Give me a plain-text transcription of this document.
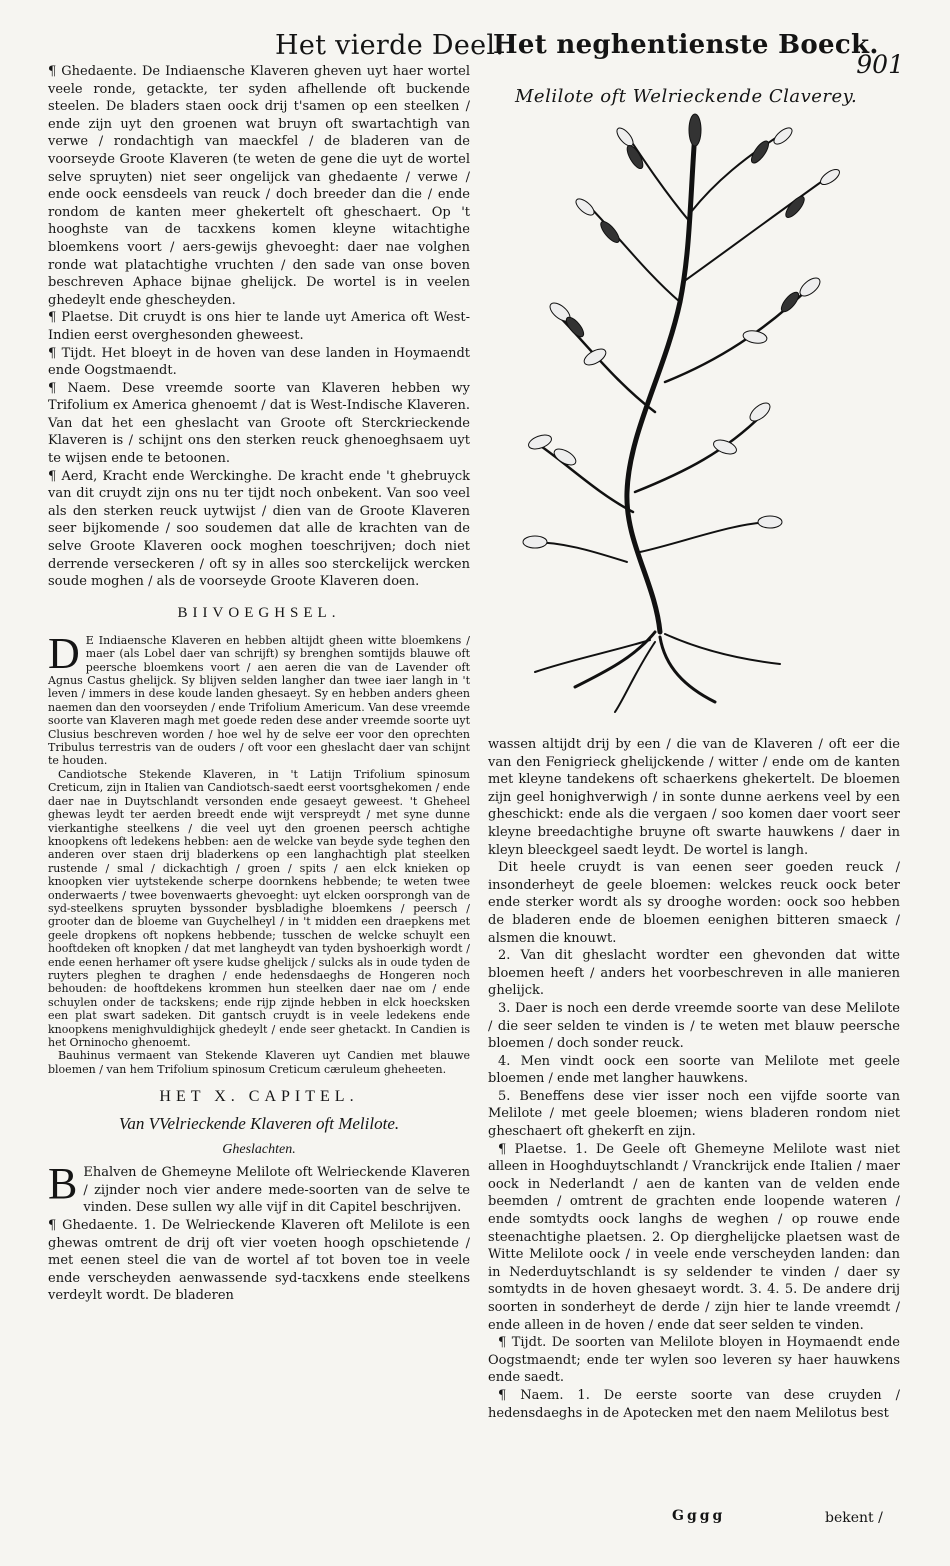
Het vierde Deel.
Het neghentienste Boeck.
901

¶ Ghedaente. De Indiaensche Klaveren gheven uyt haer wortel veele ronde, getackte, ter syden afhellende oft buckende steelen. De bladers staen oock drij t'samen op een steelken / ende zijn uyt den groenen wat bruyn oft swartachtigh van verwe / rondachtigh van maeckfel / de bladeren van de voorseyde Groote Klaveren (te weten de gene die uyt de wortel selve spruyten) niet seer ongelijck van ghedaente / verwe / ende oock eensdeels van reuck / doch breeder dan die / ende rondom de kanten meer ghekertelt oft gheschaert. Op 't hooghste van de tacxkens komen kleyne witachtighe bloemkens voort / aers-gewijs ghevoeght: daer nae volghen ronde wat platachtighe vruchten / den sade van onse boven beschreven Aphace bijnae ghelijck. De wortel is in veelen ghedeylt ende ghescheyden.

¶ Plaetse. Dit cruydt is ons hier te lande uyt America oft West-Indien eerst overghesonden gheweest.

¶ Tijdt. Het bloeyt in de hoven van dese landen in Hoymaendt ende Oogstmaendt.

¶ Naem. Dese vreemde soorte van Klaveren hebben wy Trifolium ex America ghenoemt / dat is West-Indische Klaveren. Van dat het een gheslacht van Groote oft Sterckrieckende Klaveren is / schijnt ons den sterken reuck ghenoeghsaem uyt te wijsen ende te betoonen.

¶ Aerd, Kracht ende Werckinghe. De kracht ende 't ghebruyck van dit cruydt zijn ons nu ter tijdt noch onbekent. Van soo veel als den sterken reuck uytwijst / dien van de Groote Klaveren seer bijkomende / soo soudemen dat alle de krachten van de selve Groote Klaveren oock moghen toeschrijven; doch niet derrende verseckeren / oft sy in alles soo sterckelijck wercken soude moghen / als de voorseyde Groote Klaveren doen.

BIIVOEGHSEL.

D E Indiaensche Klaveren en hebben altijdt gheen witte bloemkens / maer (als Lobel daer van schrijft) sy brenghen somtijds blauwe oft peersche bloemkens voort / aen aeren die van de Lavender oft Agnus Castus ghelijck. Sy blijven selden langher dan twee iaer langh in 't leven / immers in dese koude landen ghesaeyt. Sy en hebben anders gheen naemen dan den voorseyden / ende Trifolium Americum. Van dese vreemde soorte van Klaveren magh met goede reden dese ander vreemde soorte uyt Clusius beschreven worden / hoe wel hy de selve eer voor den oprechten Tribulus terrestris van de ouders / oft voor een gheslacht daer van schijnt te houden.

Candiotsche Stekende Klaveren, in 't Latijn Trifolium spinosum Creticum, zijn in Italien van Candiotsch-saedt eerst voortsghekomen / ende daer nae in Duytschlandt versonden ende gesaeyt geweest. 't Gheheel ghewas leydt ter aerden breedt ende wijt verspreydt / met syne dunne vierkantighe steelkens / die veel uyt den groenen peersch achtighe knoopkens oft ledekens hebben: aen de welcke van beyde syde teghen den anderen over staen drij bladerkens op een langhachtigh plat steelken rustende / smal / dickachtigh / groen / spits / aen elck knieken op knoopken vier uytstekende scherpe doornkens hebbende; te weten twee onderwaerts / twee bovenwaerts ghevoeght: uyt elcken oorsprongh van de syd-steelkens spruyten byssonder bysbladighe bloemkens / peersch / grooter dan de bloeme van Guychelheyl / in 't midden een draepkens met geele dropkens oft nopkens hebbende; tusschen de welcke schuylt een hooftdeken oft knopken / dat met langheydt van tyden byshoerkigh wordt / ende eenen herhamer oft ysere kudse ghelijck / sulcks als in oude tyden de ruyters pleghen te draghen / ende hedensdaeghs de Hongeren noch behouden: de hooftdekens krommen hun steelken daer nae om / ende schuylen onder de tackskens; ende rijp zijnde hebben in elck hoecksken een plat swart sadeken. Dit gantsch cruydt is in veele ledekens ende knoopkens menighvuldighijck ghedeylt / ende seer ghetackt. In Candien is het Orninocho ghenoemt.

Bauhinus vermaent van Stekende Klaveren uyt Candien met blauwe bloemen / van hem Trifolium spinosum Creticum cæruleum gheheeten.

HET X. CAPITEL.
Van VVelrieckende Klaveren oft Melilote.
Gheslachten.

B Ehalven de Ghemeyne Melilote oft Welrieckende Klaveren / zijnder noch vier andere mede-soorten van de selve te vinden. Dese sullen wy alle vijf in dit Capitel beschrijven.

¶ Ghedaente. 1. De Welrieckende Klaveren oft Melilote is een ghewas omtrent de drij oft vier voeten hoogh opschietende / met eenen steel die van de wortel af tot boven toe in veele ende verscheyden aenwassende syd-tacxkens ende steelkens verdeylt wordt. De bladeren

Melilote oft Welrieckende Claverey.

wassen altijdt drij by een / die van de Klaveren / oft eer die van den Fenigrieck ghelijckende / witter / ende om de kanten met kleyne tandekens oft schaerkens ghekertelt. De bloemen zijn geel honighverwigh / in sonte dunne aerkens veel by een gheschickt: ende als die vergaen / soo komen daer voort seer kleyne breedachtighe bruyne oft swarte hauwkens / daer in kleyn bleeckgeel saedt leydt. De wortel is langh.

Dit heele cruydt is van eenen seer goeden reuck / insonderheyt de geele bloemen: welckes reuck oock beter ende sterker wordt als sy drooghe worden: oock soo hebben de bladeren ende de bloemen eenighen bitteren smaeck / alsmen die knouwt.

2. Van dit gheslacht wordter een ghevonden dat witte bloemen heeft / anders het voorbeschreven in alle manieren ghelijck.

3. Daer is noch een derde vreemde soorte van dese Melilote / die seer selden te vinden is / te weten met blauw peersche bloemen / doch sonder reuck.

4. Men vindt oock een soorte van Melilote met geele bloemen / ende met langher hauwkens.

5. Beneffens dese vier isser noch een vijfde soorte van Melilote / met geele bloemen; wiens bladeren rondom niet gheschaert oft ghekerft en zijn.

¶ Plaetse. 1. De Geele oft Ghemeyne Melilote wast niet alleen in Hooghduytschlandt / Vranckrijck ende Italien / maer oock in Nederlandt / aen de kanten van de velden ende beemden / omtrent de grachten ende loopende wateren / ende somtydts oock langhs de weghen / op rouwe ende steenachtighe plaetsen. 2. Op dierghelijcke plaetsen wast de Witte Melilote oock / in veele ende verscheyden landen: dan in Nederduytschlandt is sy seldender te vinden / daer sy somtydts in de hoven ghesaeyt wordt. 3. 4. 5. De andere drij soorten in sonderheyt de derde / zijn hier te lande vreemdt / ende alleen in de hoven / ende dat seer selden te vinden.

¶ Tijdt. De soorten van Melilote bloyen in Hoymaendt ende Oogstmaendt; ende ter wylen soo leveren sy haer hauwkens ende saedt.

¶ Naem. 1. De eerste soorte van dese cruyden / hedensdaeghs in de Apotecken met den naem Melilotus best

Gggg	bekent /
